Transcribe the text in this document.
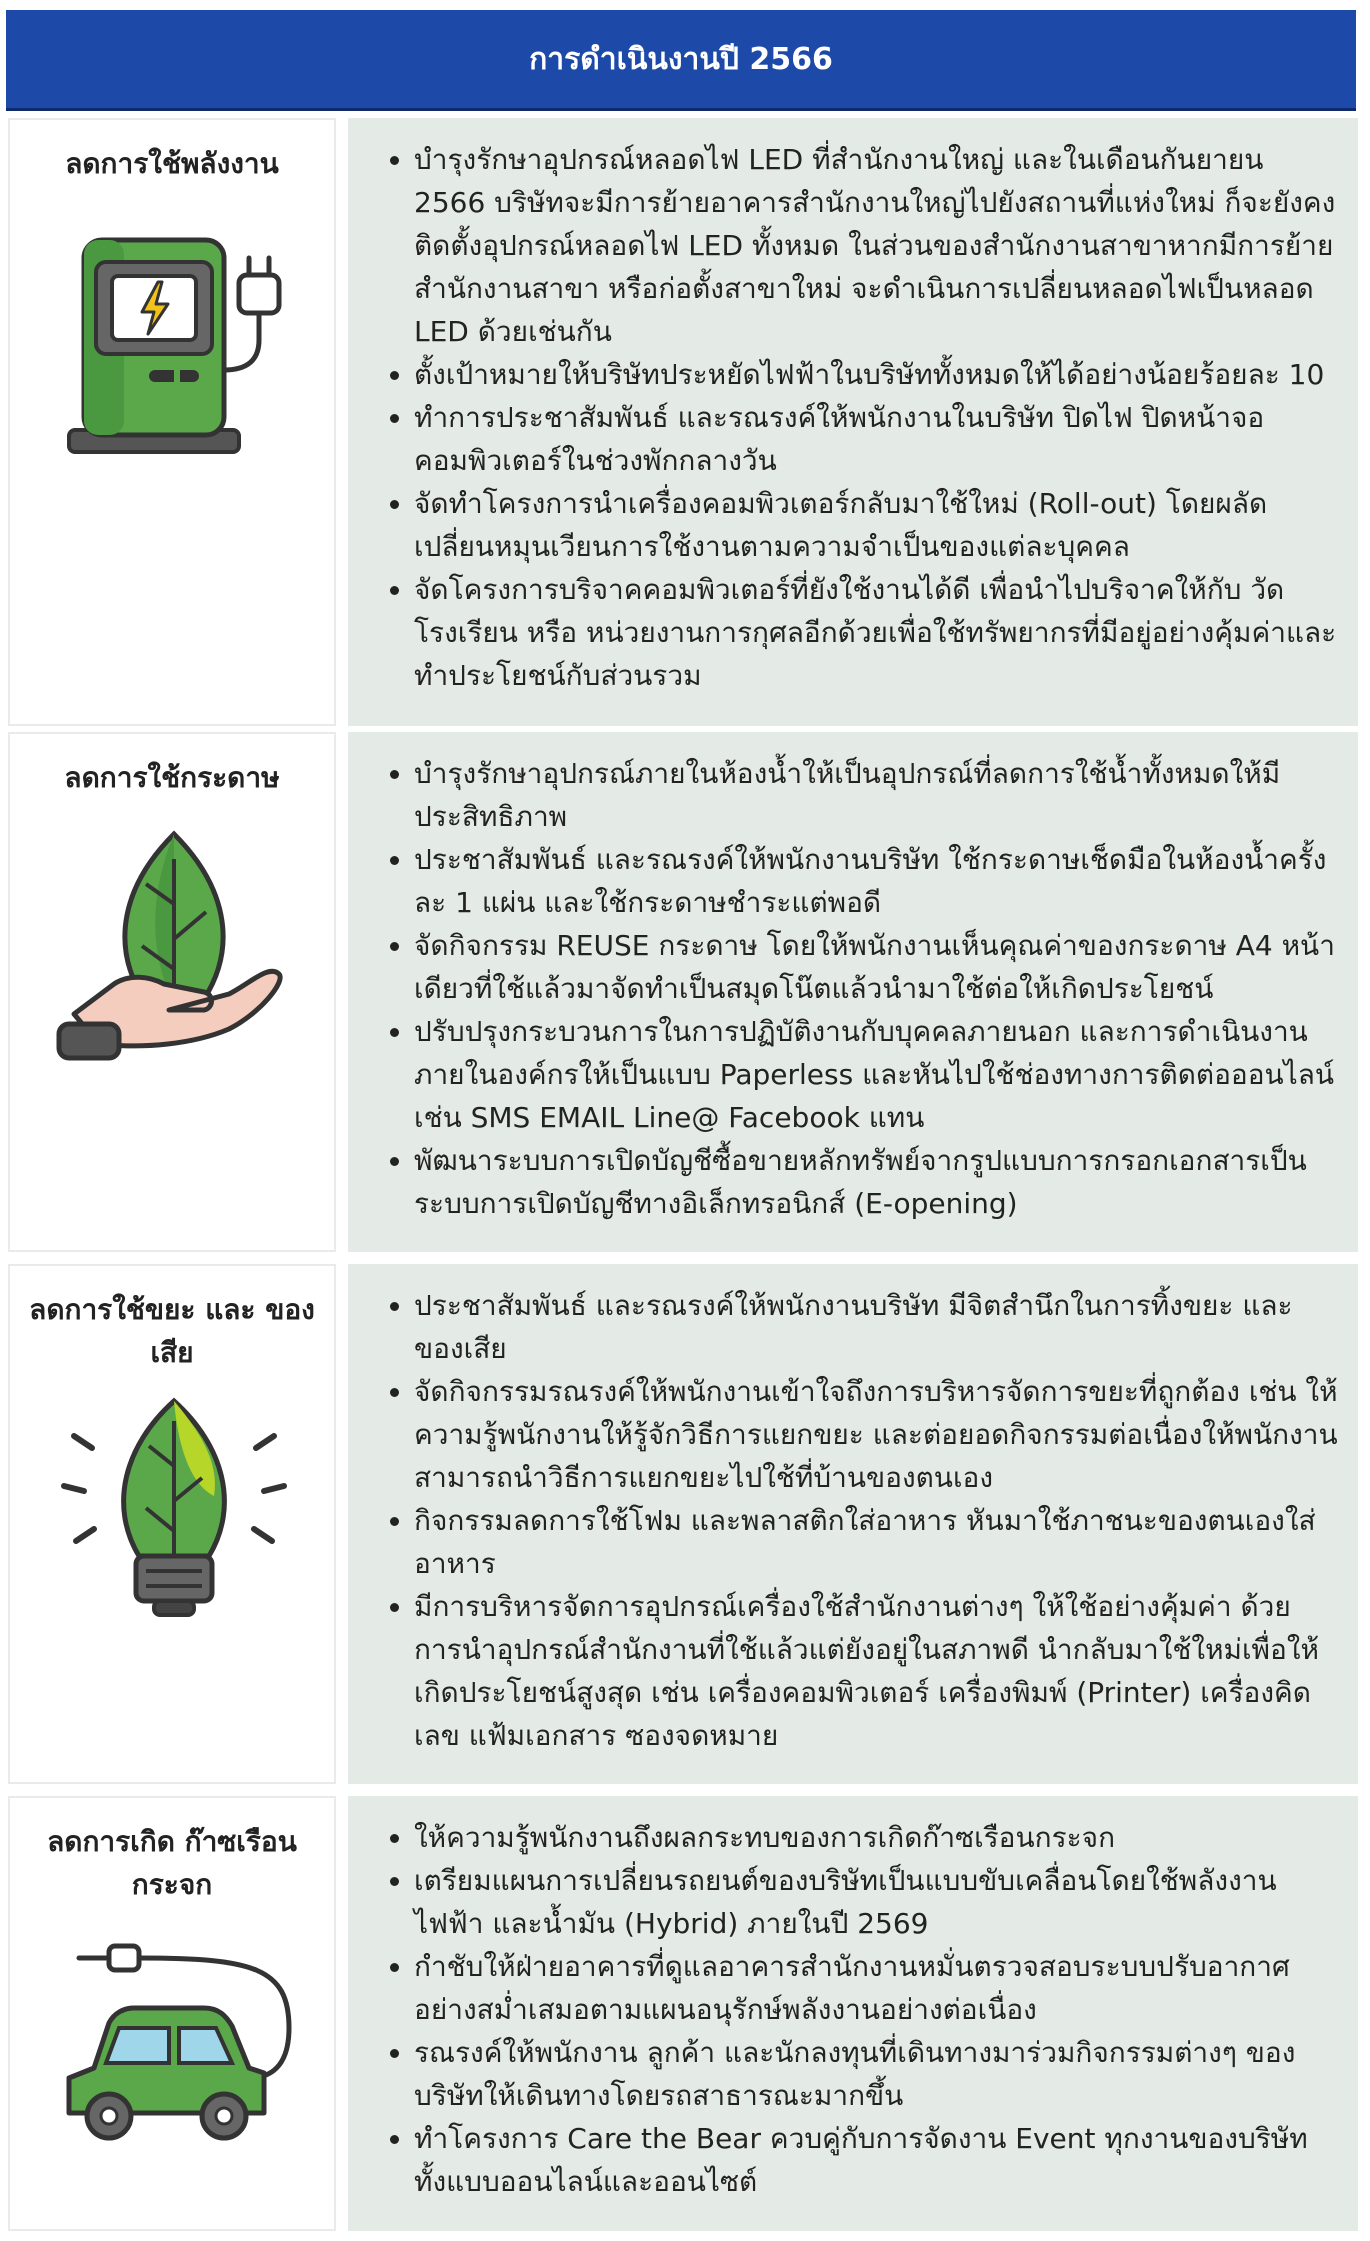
การดำเนินงานปี 2566
ลดการใช้พลังงาน	• บำรุงรักษาอุปกรณ์หลอดไฟ LED ที่สำนักงานใหญ่ และในเดือนกันยายน 2566 บริษัทจะมีการย้ายอาคารสำนักงานใหญ่ไปยังสถานที่แห่งใหม่ ก็จะยังคงติดตั้งอุปกรณ์หลอดไฟ LED ทั้งหมด ในส่วนของสำนักงานสาขาหากมีการย้ายสำนักงานสาขา หรือก่อตั้งสาขาใหม่ จะดำเนินการเปลี่ยนหลอดไฟเป็นหลอด LED ด้วยเช่นกัน
• ตั้งเป้าหมายให้บริษัทประหยัดไฟฟ้าในบริษัททั้งหมดให้ได้อย่างน้อยร้อยละ 10
• ทำการประชาสัมพันธ์ และรณรงค์ให้พนักงานในบริษัท ปิดไฟ ปิดหน้าจอคอมพิวเตอร์ในช่วงพักกลางวัน
• จัดทำโครงการนำเครื่องคอมพิวเตอร์กลับมาใช้ใหม่ (Roll-out) โดยผลัดเปลี่ยนหมุนเวียนการใช้งานตามความจำเป็นของแต่ละบุคคล
• จัดโครงการบริจาคคอมพิวเตอร์ที่ยังใช้งานได้ดี เพื่อนำไปบริจาคให้กับ วัด โรงเรียน หรือ หน่วยงานการกุศลอีกด้วยเพื่อใช้ทรัพยากรที่มีอยู่อย่างคุ้มค่าและทำประโยชน์กับส่วนรวม
ลดการใช้กระดาษ	• บำรุงรักษาอุปกรณ์ภายในห้องน้ำให้เป็นอุปกรณ์ที่ลดการใช้น้ำทั้งหมดให้มีประสิทธิภาพ
• ประชาสัมพันธ์ และรณรงค์ให้พนักงานบริษัท ใช้กระดาษเช็ดมือในห้องน้ำครั้งละ 1 แผ่น และใช้กระดาษชำระแต่พอดี
• จัดกิจกรรม REUSE กระดาษ โดยให้พนักงานเห็นคุณค่าของกระดาษ A4 หน้าเดียวที่ใช้แล้วมาจัดทำเป็นสมุดโน๊ตแล้วนำมาใช้ต่อให้เกิดประโยชน์
• ปรับปรุงกระบวนการในการปฏิบัติงานกับบุคคลภายนอก และการดำเนินงานภายในองค์กรให้เป็นแบบ Paperless และหันไปใช้ช่องทางการติดต่อออนไลน์ เช่น SMS EMAIL Line@ Facebook แทน
• พัฒนาระบบการเปิดบัญชีซื้อขายหลักทรัพย์จากรูปแบบการกรอกเอกสารเป็นระบบการเปิดบัญชีทางอิเล็กทรอนิกส์ (E-opening)
ลดการใช้ขยะ และ ของเสีย
• ประชาสัมพันธ์ และรณรงค์ให้พนักงานบริษัท มีจิตสำนึกในการทิ้งขยะ และของเสีย
• จัดกิจกรรมรณรงค์ให้พนักงานเข้าใจถึงการบริหารจัดการขยะที่ถูกต้อง เช่น ให้ความรู้พนักงานให้รู้จักวิธีการแยกขยะ และต่อยอดกิจกรรมต่อเนื่องให้พนักงานสามารถนำวิธีการแยกขยะไปใช้ที่บ้านของตนเอง
• กิจกรรมลดการใช้โฟม และพลาสติกใส่อาหาร หันมาใช้ภาชนะของตนเองใส่อาหาร
• มีการบริหารจัดการอุปกรณ์เครื่องใช้สำนักงานต่างๆ ให้ใช้อย่างคุ้มค่า ด้วยการนำอุปกรณ์สำนักงานที่ใช้แล้วแต่ยังอยู่ในสภาพดี นำกลับมาใช้ใหม่เพื่อให้เกิดประโยชน์สูงสุด เช่น เครื่องคอมพิวเตอร์ เครื่องพิมพ์ (Printer) เครื่องคิดเลข แฟ้มเอกสาร ซองจดหมาย
ลดการเกิด ก๊าซเรือนกระจก
• ให้ความรู้พนักงานถึงผลกระทบของการเกิดก๊าซเรือนกระจก
• เตรียมแผนการเปลี่ยนรถยนต์ของบริษัทเป็นแบบขับเคลื่อนโดยใช้พลังงานไฟฟ้า และน้ำมัน (Hybrid) ภายในปี 2569
• กำชับให้ฝ่ายอาคารที่ดูแลอาคารสำนักงานหมั่นตรวจสอบระบบปรับอากาศอย่างสม่ำเสมอตามแผนอนุรักษ์พลังงานอย่างต่อเนื่อง
• รณรงค์ให้พนักงาน ลูกค้า และนักลงทุนที่เดินทางมาร่วมกิจกรรมต่างๆ ของบริษัทให้เดินทางโดยรถสาธารณะมากขึ้น
• ทำโครงการ Care the Bear ควบคู่กับการจัดงาน Event ทุกงานของบริษัททั้งแบบออนไลน์และออนไซต์
